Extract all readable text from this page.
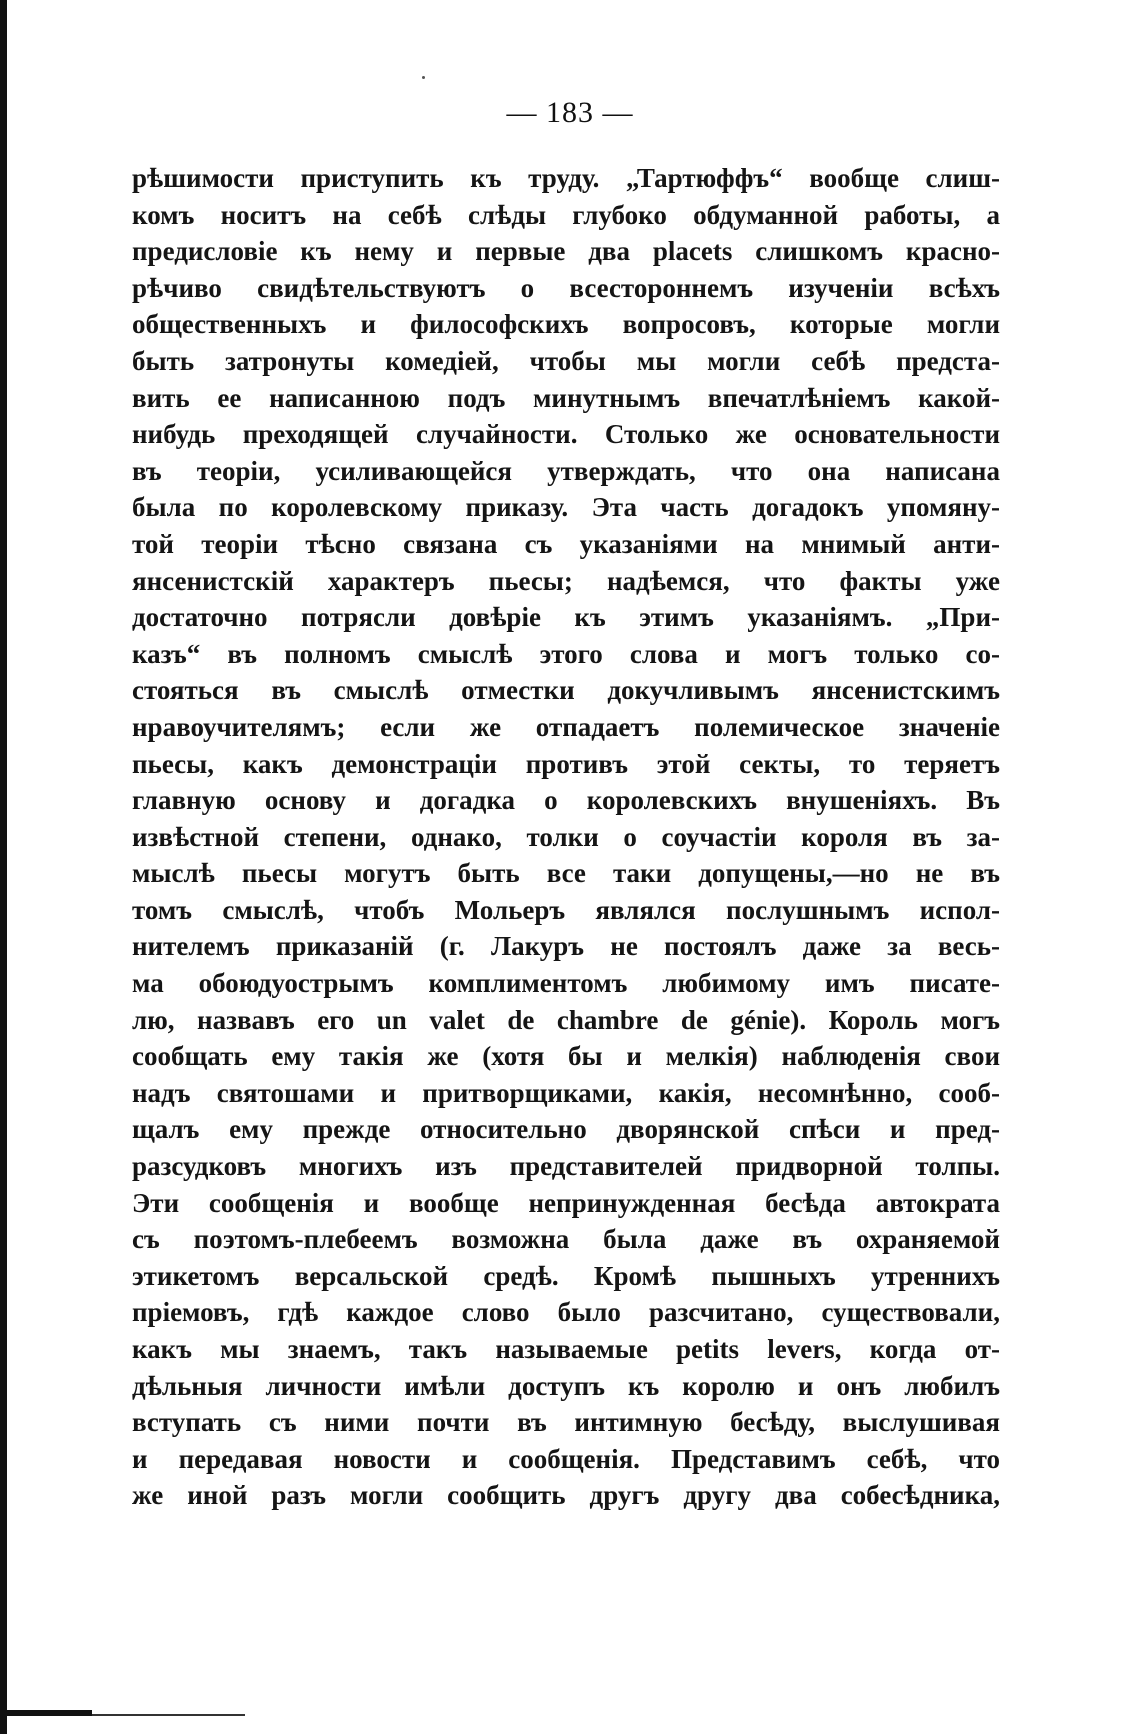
— 183 —
рѣшимости приступить къ труду. „Тартюффъ“ вообще слиш-
комъ носитъ на себѣ слѣды глубоко обдуманной работы, а
предисловіе къ нему и первые два placets слишкомъ красно-
рѣчиво свидѣтельствуютъ о всестороннемъ изученіи всѣхъ
общественныхъ и философскихъ вопросовъ, которые могли
быть затронуты комедіей, чтобы мы могли себѣ предста-
вить ее написанною подъ минутнымъ впечатлѣніемъ какой-
нибудь преходящей случайности. Столько же основательности
въ теоріи, усиливающейся утверждать, что она написана
была по королевскому приказу. Эта часть догадокъ упомяну-
той теоріи тѣсно связана съ указаніями на мнимый анти-
янсенистскій характеръ пьесы; надѣемся, что факты уже
достаточно потрясли довѣріе къ этимъ указаніямъ. „При-
казъ“ въ полномъ смыслѣ этого слова и могъ только со-
стояться въ смыслѣ отместки докучливымъ янсенистскимъ
нравоучителямъ; если же отпадаетъ полемическое значеніе
пьесы, какъ демонстраціи противъ этой секты, то теряетъ
главную основу и догадка о королевскихъ внушеніяхъ. Въ
извѣстной степени, однако, толки о соучастіи короля въ за-
мыслѣ пьесы могутъ быть все таки допущены,—но не въ
томъ смыслѣ, чтобъ Мольеръ являлся послушнымъ испол-
нителемъ приказаній (г. Лакуръ не постоялъ даже за весь-
ма обоюдуострымъ комплиментомъ любимому имъ писате-
лю, назвавъ его un valet de chambre de génie). Король могъ
сообщать ему такія же (хотя бы и мелкія) наблюденія свои
надъ святошами и притворщиками, какія, несомнѣнно, сооб-
щалъ ему прежде относительно дворянской спѣси и пред-
разсудковъ многихъ изъ представителей придворной толпы.
Эти сообщенія и вообще непринужденная бесѣда автократа
съ поэтомъ-плебеемъ возможна была даже въ охраняемой
этикетомъ версальской средѣ. Кромѣ пышныхъ утреннихъ
пріемовъ, гдѣ каждое слово было разсчитано, существовали,
какъ мы знаемъ, такъ называемые petits levers, когда от-
дѣльныя личности имѣли доступъ къ королю и онъ любилъ
вступать съ ними почти въ интимную бесѣду, выслушивая
и передавая новости и сообщенія. Представимъ себѣ, что
же иной разъ могли сообщить другъ другу два собесѣдника,
